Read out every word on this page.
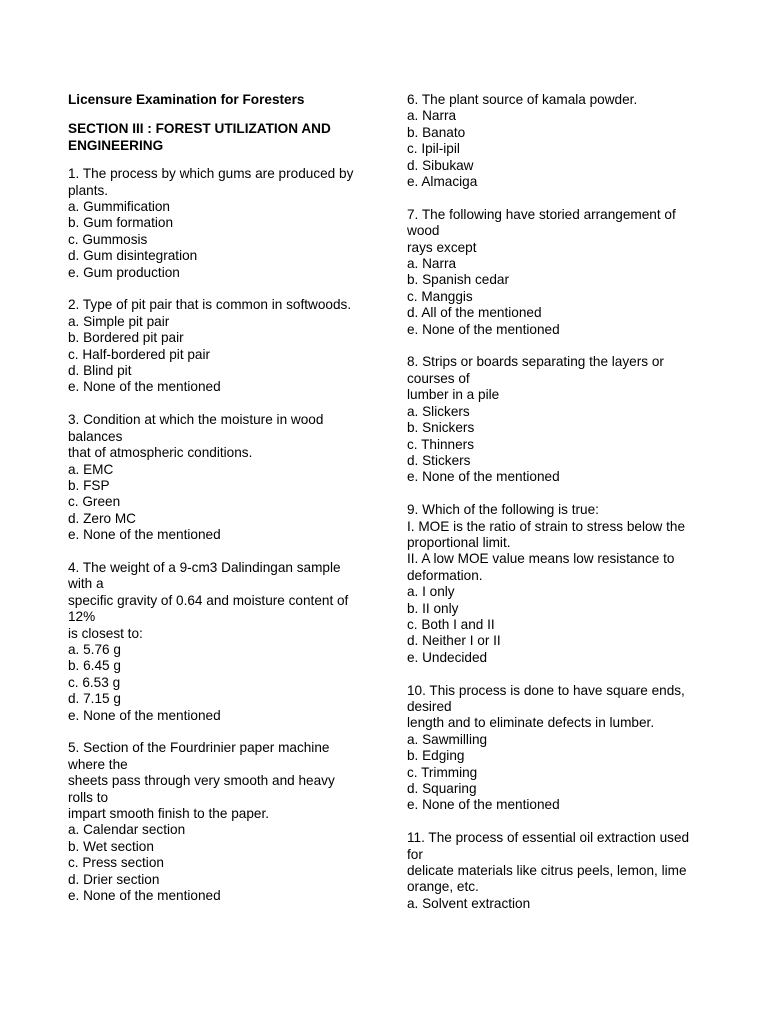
Licensure Examination for Foresters
SECTION III : FOREST UTILIZATION AND
ENGINEERING
1. The process by which gums are produced by
plants.
a. Gummification
b. Gum formation
c. Gummosis
d. Gum disintegration
e. Gum production
2. Type of pit pair that is common in softwoods.
a. Simple pit pair
b. Bordered pit pair
c. Half-bordered pit pair
d. Blind pit
e. None of the mentioned
3. Condition at which the moisture in wood
balances
that of atmospheric conditions.
a. EMC
b. FSP
c. Green
d. Zero MC
e. None of the mentioned
4. The weight of a 9-cm3 Dalindingan sample
with a
specific gravity of 0.64 and moisture content of
12%
is closest to:
a. 5.76 g
b. 6.45 g
c. 6.53 g
d. 7.15 g
e. None of the mentioned
5. Section of the Fourdrinier paper machine
where the
sheets pass through very smooth and heavy
rolls to
impart smooth finish to the paper.
a. Calendar section
b. Wet section
c. Press section
d. Drier section
e. None of the mentioned
6. The plant source of kamala powder.
a. Narra
b. Banato
c. Ipil-ipil
d. Sibukaw
e. Almaciga
7. The following have storied arrangement of
wood
rays except
a. Narra
b. Spanish cedar
c. Manggis
d. All of the mentioned
e. None of the mentioned
8. Strips or boards separating the layers or
courses of
lumber in a pile
a. Slickers
b. Snickers
c. Thinners
d. Stickers
e. None of the mentioned
9. Which of the following is true:
I. MOE is the ratio of strain to stress below the
proportional limit.
II. A low MOE value means low resistance to
deformation.
a. I only
b. II only
c. Both I and II
d. Neither I or II
e. Undecided
10. This process is done to have square ends,
desired
length and to eliminate defects in lumber.
a. Sawmilling
b. Edging
c. Trimming
d. Squaring
e. None of the mentioned
11. The process of essential oil extraction used
for
delicate materials like citrus peels, lemon, lime
orange, etc.
a. Solvent extraction
